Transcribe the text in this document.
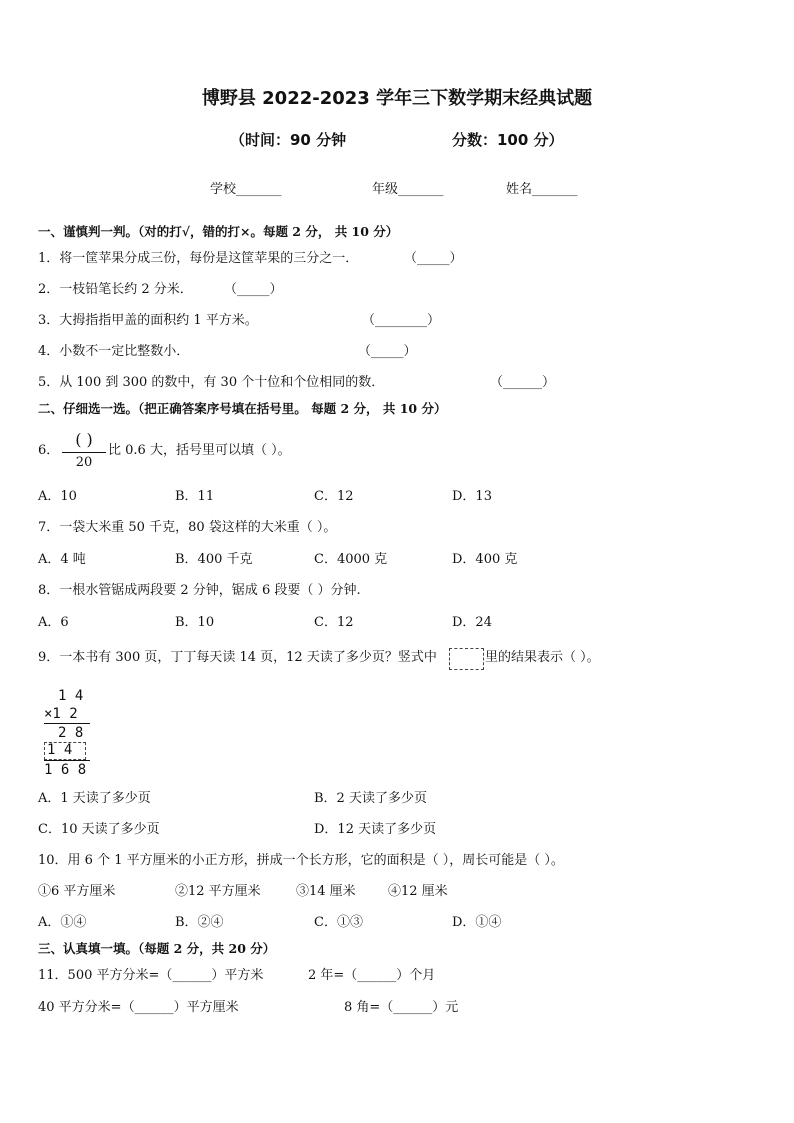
博野县 2022-2023 学年三下数学期末经典试题
（时间：90 分钟	分数：100 分）
学校_______	年级_______	姓名_______
一、谨慎判一判。（对的打√，错的打×。每题 2 分， 共 10 分）
1．将一筐苹果分成三份，每份是这筐苹果的三分之一．	（_____）
2．一枝铅笔长约 2 分米． （_____）
3．大拇指指甲盖的面积约 1 平方米。	（________）
4．小数不一定比整数小．	（_____）
5．从 100 到 300 的数中，有 30 个十位和个位相同的数．	（______）
二、仔细选一选。（把正确答案序号填在括号里。 每题 2 分， 共 10 分）
6．
( )
20
比 0.6 大，括号里可以填（ ）。
A．10	B．11	C．12	D．13
7．一袋大米重 50 千克，80 袋这样的大米重（ ）。
A．4 吨	B．400 千克	C．4000 克	D．400 克
8．一根水管锯成两段要 2 分钟，锯成 6 段要（ ）分钟.
A．6	B．10	C．12	D．24
9．一本书有 300 页，丁丁每天读 14 页，12 天读了多少页？竖式中	里的结果表示（ ）。
1 4
×1 2
2 8
1 4
1 6 8
A．1 天读了多少页	B．2 天读了多少页
C．10 天读了多少页	D．12 天读了多少页
10．用 6 个 1 平方厘米的小正方形，拼成一个长方形，它的面积是（ ），周长可能是（ ）。
①6 平方厘米	②12 平方厘米	③14 厘米 ④12 厘米
A．①④	B．②④	C．①③	D．①④
三、认真填一填。（每题 2 分，共 20 分）
11．500 平方分米=（______）平方米	2 年=（______）个月
40 平方分米=（______）平方厘米	8 角=（______）元
